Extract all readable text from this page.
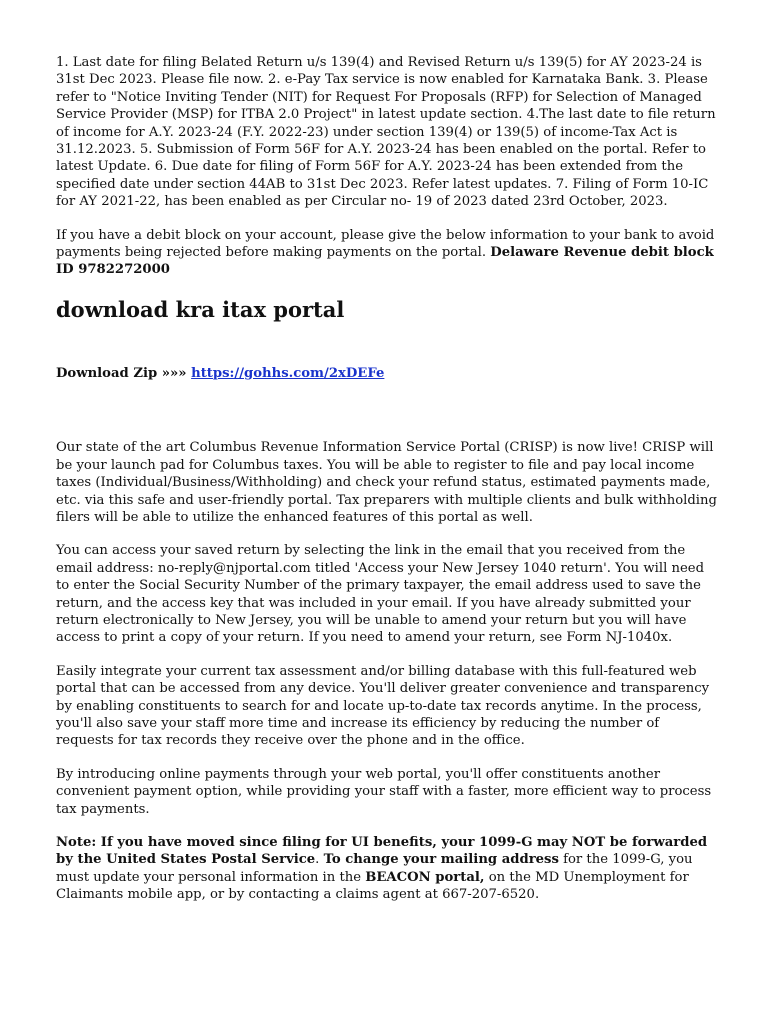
1. Last date for filing Belated Return u/s 139(4) and Revised Return u/s 139(5) for AY 2023-24 is 31st Dec 2023. Please file now. 2. e-Pay Tax service is now enabled for Karnataka Bank. 3. Please refer to "Notice Inviting Tender (NIT) for Request For Proposals (RFP) for Selection of Managed Service Provider (MSP) for ITBA 2.0 Project" in latest update section. 4.The last date to file return of income for A.Y. 2023-24 (F.Y. 2022-23) under section 139(4) or 139(5) of income-Tax Act is 31.12.2023. 5. Submission of Form 56F for A.Y. 2023-24 has been enabled on the portal. Refer to latest Update. 6. Due date for filing of Form 56F for A.Y. 2023-24 has been extended from the specified date under section 44AB to 31st Dec 2023. Refer latest updates. 7. Filing of Form 10-IC for AY 2021-22, has been enabled as per Circular no- 19 of 2023 dated 23rd October, 2023.

If you have a debit block on your account, please give the below information to your bank to avoid payments being rejected before making payments on the portal. Delaware Revenue debit block ID 9782272000

download kra itax portal
Download Zip »»» https://gohhs.com/2xDEFe

Our state of the art Columbus Revenue Information Service Portal (CRISP) is now live! CRISP will be your launch pad for Columbus taxes. You will be able to register to file and pay local income taxes (Individual/Business/Withholding) and check your refund status, estimated payments made, etc. via this safe and user-friendly portal. Tax preparers with multiple clients and bulk withholding filers will be able to utilize the enhanced features of this portal as well.

You can access your saved return by selecting the link in the email that you received from the email address: no-reply@njportal.com titled 'Access your New Jersey 1040 return'. You will need to enter the Social Security Number of the primary taxpayer, the email address used to save the return, and the access key that was included in your email. If you have already submitted your return electronically to New Jersey, you will be unable to amend your return but you will have access to print a copy of your return. If you need to amend your return, see Form NJ-1040x.

Easily integrate your current tax assessment and/or billing database with this full-featured web portal that can be accessed from any device. You'll deliver greater convenience and transparency by enabling constituents to search for and locate up-to-date tax records anytime. In the process, you'll also save your staff more time and increase its efficiency by reducing the number of requests for tax records they receive over the phone and in the office.

By introducing online payments through your web portal, you'll offer constituents another convenient payment option, while providing your staff with a faster, more efficient way to process tax payments.

Note: If you have moved since filing for UI benefits, your 1099-G may NOT be forwarded by the United States Postal Service. To change your mailing address for the 1099-G, you must update your personal information in the BEACON portal, on the MD Unemployment for Claimants mobile app, or by contacting a claims agent at 667-207-6520.
